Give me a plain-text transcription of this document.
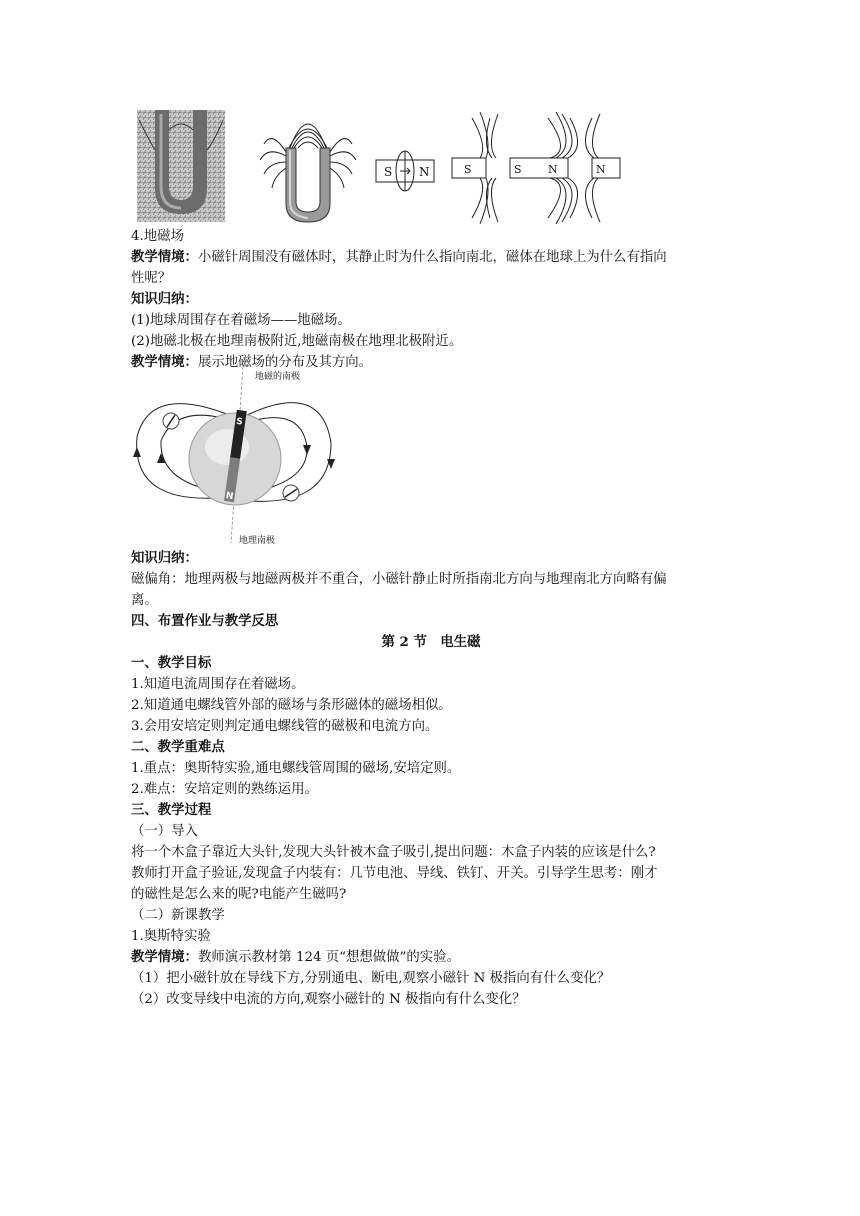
S N	S	S N	N
4.地磁场
教学情境：小磁针周围没有磁体时，其静止时为什么指向南北，磁体在地球上为什么有指向
性呢？
知识归纳：
(1)地球周围存在着磁场——地磁场。
(2)地磁北极在地理南极附近,地磁南极在地理北极附近。
教学情境：展示地磁场的分布及其方向。
S
N
地磁的南极
地理南极
知识归纳：
磁偏角：地理两极与地磁两极并不重合，小磁针静止时所指南北方向与地理南北方向略有偏
离。
四、布置作业与教学反思
第 2 节　电生磁
一、教学目标
1.知道电流周围存在着磁场。
2.知道通电螺线管外部的磁场与条形磁体的磁场相似。
3.会用安培定则判定通电螺线管的磁极和电流方向。
二、教学重难点
1.重点：奥斯特实验,通电螺线管周围的磁场,安培定则。
2.难点：安培定则的熟练运用。
三、教学过程
（一）导入
将一个木盒子靠近大头针,发现大头针被木盒子吸引,提出问题：木盒子内装的应该是什么?
教师打开盒子验证,发现盒子内装有：几节电池、导线、铁钉、开关。引导学生思考：刚才
的磁性是怎么来的呢?电能产生磁吗?
（二）新课教学
1.奥斯特实验
教学情境：教师演示教材第 124 页“想想做做”的实验。
（1）把小磁针放在导线下方,分别通电、断电,观察小磁针 N 极指向有什么变化？
（2）改变导线中电流的方向,观察小磁针的 N 极指向有什么变化？
